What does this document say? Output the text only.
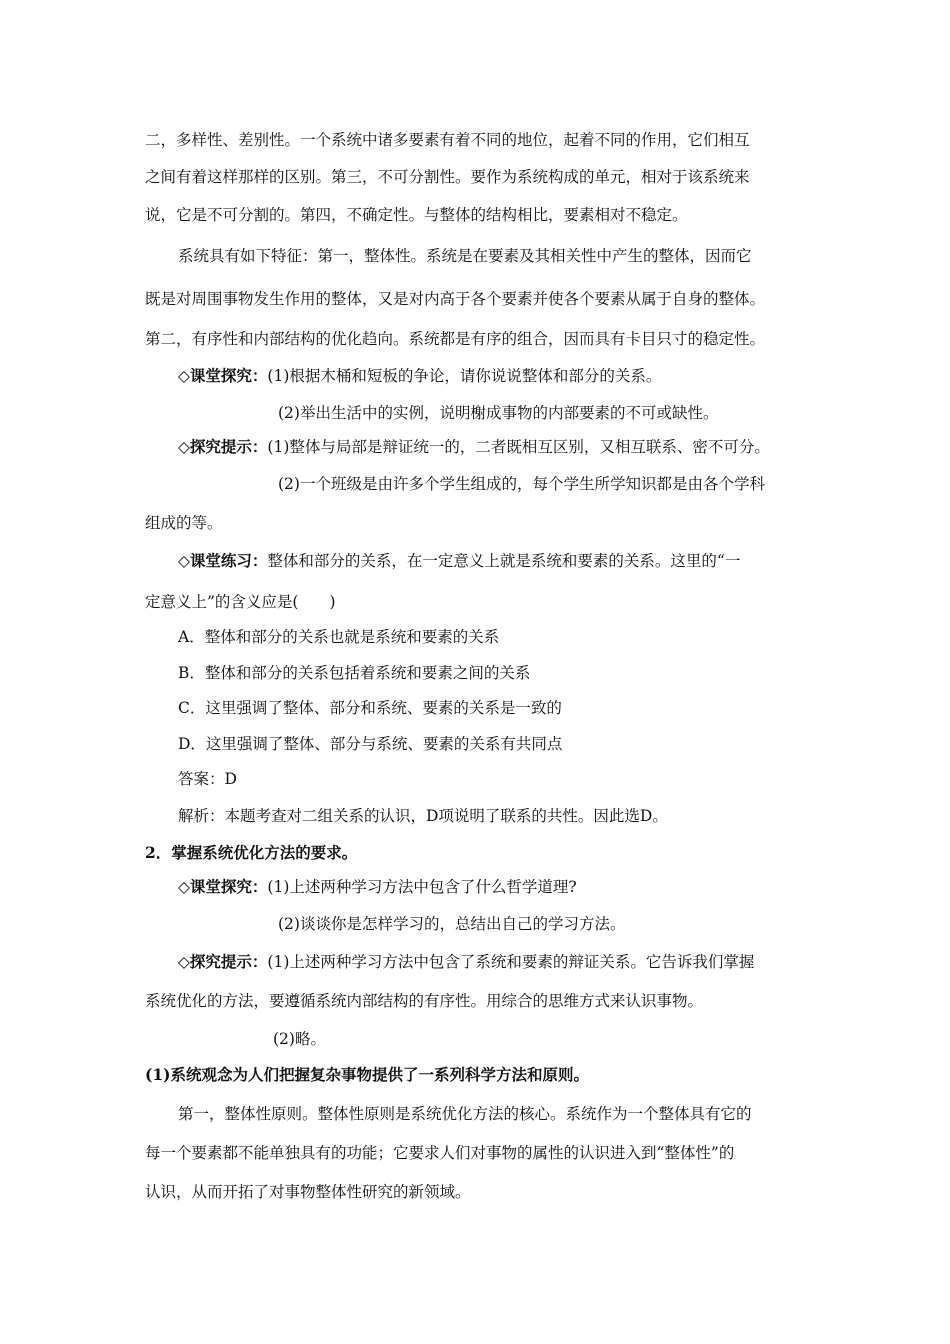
二，多样性、差别性。一个系统中诸多要素有着不同的地位，起着不同的作用，它们相互
之间有着这样那样的区别。第三，不可分割性。要作为系统构成的单元，相对于该系统来
说，它是不可分割的。第四，不确定性。与整体的结构相比，要素相对不稳定。
系统具有如下特征：第一，整体性。系统是在要素及其相关性中产生的整体，因而它
既是对周围事物发生作用的整体，又是对内高于各个要素并使各个要素从属于自身的整体。
第二，有序性和内部结构的优化趋向。系统都是有序的组合，因而具有卡目只寸的稳定性。
◇课堂探究：(1)根据木桶和短板的争论，请你说说整体和部分的关系。
(2)举出生活中的实例，说明榭成事物的内部要素的不可或缺性。
◇探究提示：(1)整体与局部是辩证统一的，二者既相互区别，又相互联系、密不可分。
(2)一个班级是由许多个学生组成的，每个学生所学知识都是由各个学科
组成的等。
◇课堂练习：整体和部分的关系，在一定意义上就是系统和要素的关系。这里的“一
定意义上”的含义应是(　　)
A．整体和部分的关系也就是系统和要素的关系
B．整体和部分的关系包括着系统和要素之间的关系
C．这里强调了整体、部分和系统、要素的关系是一致的
D．这里强调了整体、部分与系统、要素的关系有共同点
答案：D
解析：本题考查对二组关系的认识，D项说明了联系的共性。因此选D。
2．掌握系统优化方法的要求。
◇课堂探究：(1)上述两种学习方法中包含了什么哲学道理?
(2)谈谈你是怎样学习的，总结出自己的学习方法。
◇探究提示：(1)上述两种学习方法中包含了系统和要素的辩证关系。它告诉我们掌握
系统优化的方法，要遵循系统内部结构的有序性。用综合的思维方式来认识事物。
(2)略。
(1)系统观念为人们把握复杂事物提供了一系列科学方法和原则。
第一，整体性原则。整体性原则是系统优化方法的核心。系统作为一个整体具有它的
每一个要素都不能单独具有的功能；它要求人们对事物的属性的认识进入到“整体性”的
认识，从而开拓了对事物整体性研究的新领域。
